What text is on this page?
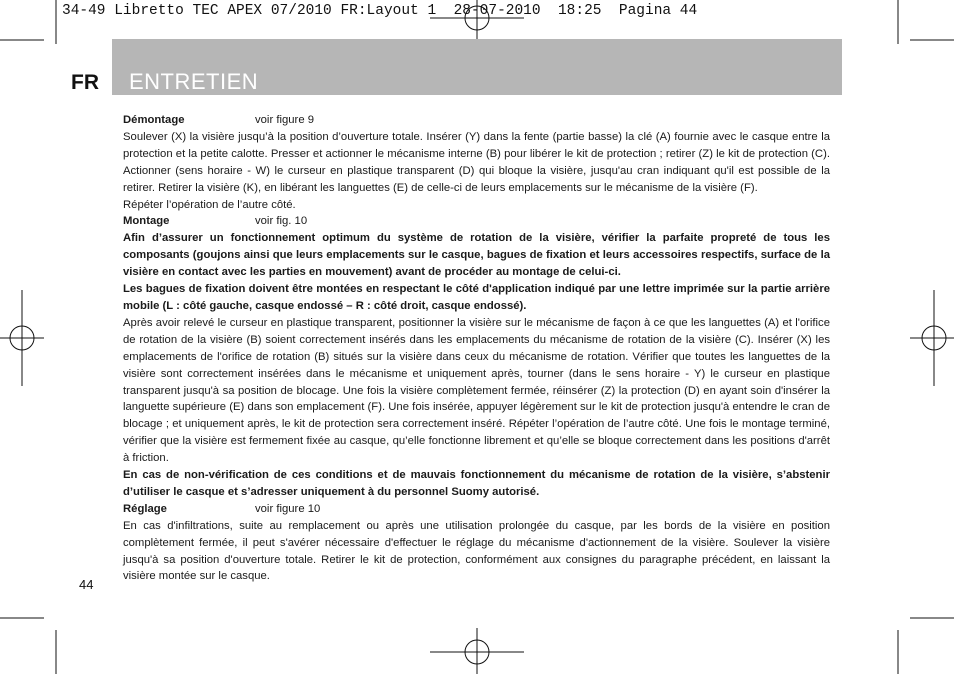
34-49 Libretto TEC APEX 07/2010 FR:Layout 1  28-07-2010  18:25  Pagina 44
FR ENTRETIEN
Démontage	voir figure 9

Soulever (X) la visière jusqu’à la position d’ouverture totale. Insérer (Y) dans la fente (partie basse) la clé (A) fournie avec le casque entre la protection et la petite calotte. Presser et actionner le mécanisme interne (B) pour libérer le kit de protection ; retirer (Z) le kit de protection (C). Actionner (sens horaire - W) le curseur en plastique transparent (D) qui bloque la visière, jusqu'au cran indiquant qu'il est possible de la retirer. Retirer la visière (K), en libérant les languettes (E) de celle-ci de leurs emplacements sur le mécanisme de la visière (F).

Répéter l’opération de l’autre côté.

Montage	voir fig. 10

Afin d’assurer un fonctionnement optimum du système de rotation de la visière, vérifier la parfaite propreté de tous les composants (goujons ainsi que leurs emplacements sur le casque, bagues de fixation et leurs accessoires respectifs, surface de la visière en contact avec les parties en mouvement) avant de procéder au montage de celui-ci.

Les bagues de fixation doivent être montées en respectant le côté d'application indiqué par une lettre imprimée sur la partie arrière mobile (L : côté gauche, casque endossé – R : côté droit, casque endossé).

Après avoir relevé le curseur en plastique transparent, positionner la visière sur le mécanisme de façon à ce que les languettes (A) et l'orifice de rotation de la visière (B) soient correctement insérés dans les emplacements du mécanisme de rotation de la visière (C). Insérer (X) les emplacements de l'orifice de rotation (B) situés sur la visière dans ceux du mécanisme de rotation. Vérifier que toutes les languettes de la visière sont correctement insérées dans le mécanisme et uniquement après, tourner (dans le sens horaire - Y) le curseur en plastique transparent jusqu'à sa position de blocage. Une fois la visière complètement fermée, réinsérer (Z) la protection (D) en ayant soin d'insérer la languette supérieure (E) dans son emplacement (F). Une fois insérée, appuyer légèrement sur le kit de protection jusqu'à entendre le cran de blocage ; et uniquement après, le kit de protection sera correctement inséré. Répéter l’opération de l’autre côté. Une fois le montage terminé, vérifier que la visière est fermement fixée au casque, qu’elle fonctionne librement et qu’elle se bloque correctement dans les positions d'arrêt à friction.

En cas de non-vérification de ces conditions et de mauvais fonctionnement du mécanisme de rotation de la visière, s’abstenir d’utiliser le casque et s’adresser uniquement à du personnel Suomy autorisé.

Réglage	voir figure 10

En cas d'infiltrations, suite au remplacement ou après une utilisation prolongée du casque, par les bords de la visière en position complètement fermée, il peut s'avérer nécessaire d'effectuer le réglage du mécanisme d'actionnement de la visière. Soulever la visière jusqu'à sa position d'ouverture totale. Retirer le kit de protection, conformément aux consignes du paragraphe précédent, en laissant la visière montée sur le casque.

44
